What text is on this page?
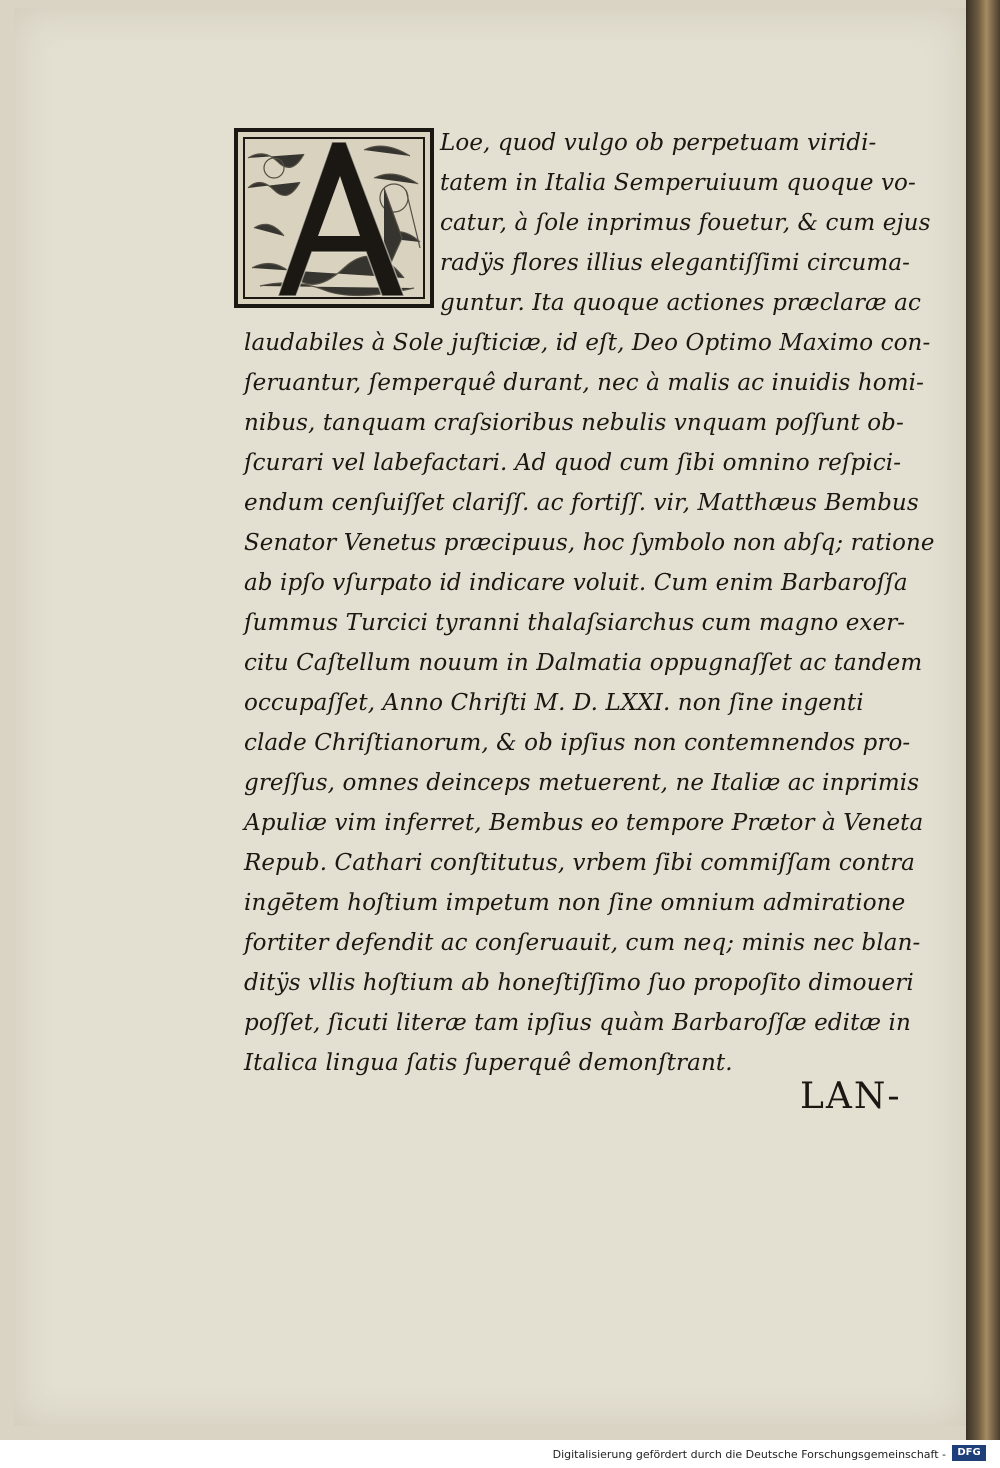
Loe, quod vulgo ob perpetuam viridi-
tatem in Italia Semperuiuum quoque vo-
catur, à ſole inprimus fouetur, & cum ejus
radÿs flores illius elegantiſſimi circuma-
guntur. Ita quoque actiones præclaræ ac
laudabiles à Sole juſticiæ, id eſt, Deo Optimo Maximo con-
ſeruantur, ſemperquê durant, nec à malis ac inuidis homi-
nibus, tanquam craſsioribus nebulis vnquam poſſunt ob-
ſcurari vel labefactari. Ad quod cum ſibi omnino reſpici-
endum cenſuiſſet clariſſ. ac fortiſſ. vir, Matthæus Bembus
Senator Venetus præcipuus, hoc ſymbolo non abſq; ratione
ab ipſo vſurpato id indicare voluit. Cum enim Barbaroſſa
ſummus Turcici tyranni thalaſsiarchus cum magno exer-
citu Caſtellum nouum in Dalmatia oppugnaſſet ac tandem
occupaſſet, Anno Chriſti M. D. LXXI. non ſine ingenti
clade Chriſtianorum, & ob ipſius non contemnendos pro-
greſſus, omnes deinceps metuerent, ne Italiæ ac inprimis
Apuliæ vim inferret, Bembus eo tempore Prætor à Veneta
Repub. Cathari conſtitutus, vrbem ſibi commiſſam contra
ingētem hoſtium impetum non ſine omnium admiratione
fortiter defendit ac conſeruauit, cum neq; minis nec blan-
ditÿs vllis hoſtium ab honeſtiſſimo ſuo propoſito dimoueri
poſſet, ſicuti literæ tam ipſius quàm Barbaroſſæ editæ in
Italica lingua ſatis ſuperquê demonſtrant.
LAN-
Digitalisierung gefördert durch die Deutsche Forschungsgemeinschaft -	DFG
